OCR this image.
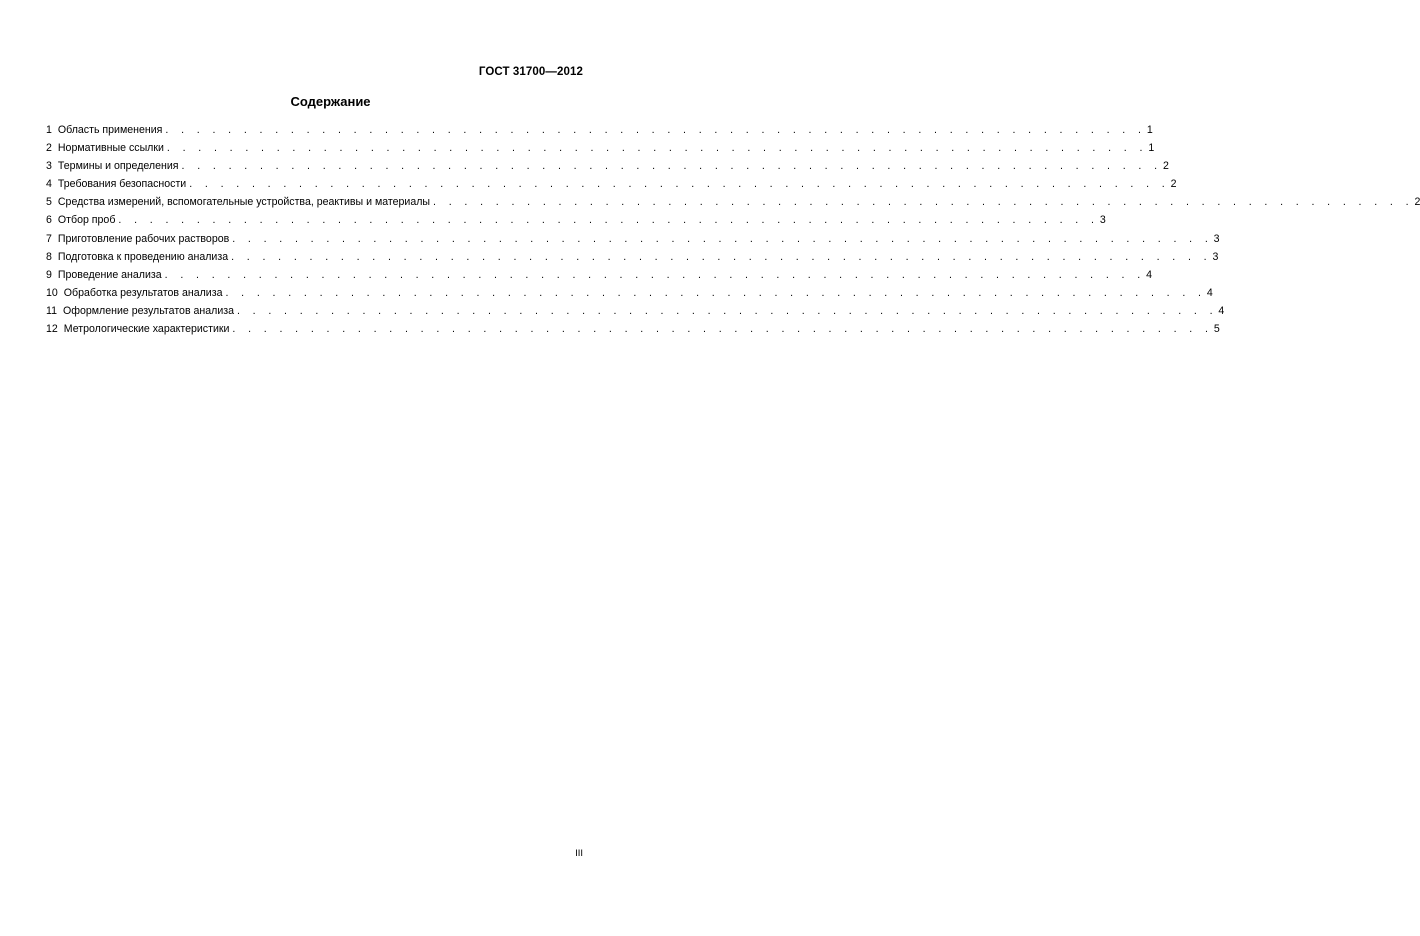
ГОСТ 31700—2012
Содержание
1 Область применения . . . . . . . . . . . . . . . . . . . . . . . . . . . . . . . . . . . . . . . . . . . . . . . . . . . . . . . . . . . . . . . 1
2 Нормативные ссылки . . . . . . . . . . . . . . . . . . . . . . . . . . . . . . . . . . . . . . . . . . . . . . . . . . . . . . . . . . . . . . . 1
3 Термины и определения . . . . . . . . . . . . . . . . . . . . . . . . . . . . . . . . . . . . . . . . . . . . . . . . . . . . . . . . . . . . . . . 2
4 Требования безопасности . . . . . . . . . . . . . . . . . . . . . . . . . . . . . . . . . . . . . . . . . . . . . . . . . . . . . . . . . . . . . . . 2
5 Средства измерений, вспомогательные устройства, реактивы и материалы . . . . . . . . . . . . . . . . . . . . . . . . . . . . . . . . . . . . . . . . . . . . . . . . . . . . . . . . . . . . . . . 2
6 Отбор проб . . . . . . . . . . . . . . . . . . . . . . . . . . . . . . . . . . . . . . . . . . . . . . . . . . . . . . . . . . . . . . . 3
7 Приготовление рабочих растворов . . . . . . . . . . . . . . . . . . . . . . . . . . . . . . . . . . . . . . . . . . . . . . . . . . . . . . . . . . . . . . . 3
8 Подготовка к проведению анализа . . . . . . . . . . . . . . . . . . . . . . . . . . . . . . . . . . . . . . . . . . . . . . . . . . . . . . . . . . . . . . . 3
9 Проведение анализа . . . . . . . . . . . . . . . . . . . . . . . . . . . . . . . . . . . . . . . . . . . . . . . . . . . . . . . . . . . . . . . 4
10 Обработка результатов анализа . . . . . . . . . . . . . . . . . . . . . . . . . . . . . . . . . . . . . . . . . . . . . . . . . . . . . . . . . . . . . . . 4
11 Оформление результатов анализа . . . . . . . . . . . . . . . . . . . . . . . . . . . . . . . . . . . . . . . . . . . . . . . . . . . . . . . . . . . . . . . 4
12 Метрологические характеристики . . . . . . . . . . . . . . . . . . . . . . . . . . . . . . . . . . . . . . . . . . . . . . . . . . . . . . . . . . . . . . . 5
III
